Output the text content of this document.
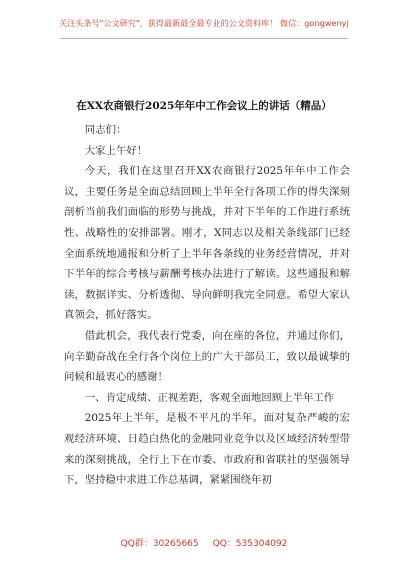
关注头条号"公文研究"，获得最新最全最专业的公文资料库！ 微信：gongwenyj
在XX农商银行2025年年中工作会议上的讲话（精品）

同志们：

大家上午好！

今天，我们在这里召开XX农商银行2025年年中工作会议，主要任务是全面总结回顾上半年全行各项工作的得失深刻剖析当前我们面临的形势与挑战，并对下半年的工作进行系统性、战略性的安排部署。刚才，X同志以及相关条线部门已经全面系统地通报和分析了上半年各条线的业务经营情况，并对下半年的综合考核与薪酬考核办法进行了解读。这些通报和解读，数据详实、分析透彻、导向鲜明我完全同意。希望大家认真领会，抓好落实。

借此机会，我代表行党委，向在座的各位，并通过你们，向辛勤奋战在全行各个岗位上的广大干部员工，致以最诚挚的问候和最衷心的感谢！

一、肯定成绩、正视差距，客观全面地回顾上半年工作

2025年上半年，是极不平凡的半年。面对复杂严峻的宏观经济环境、日趋白热化的金融同业竞争以及区域经济转型带来的深刻挑战，全行上下在市委、市政府和省联社的坚强领导下，坚持稳中求进工作总基调，紧紧围绕年初

QQ群：30265665 QQ：535304092
